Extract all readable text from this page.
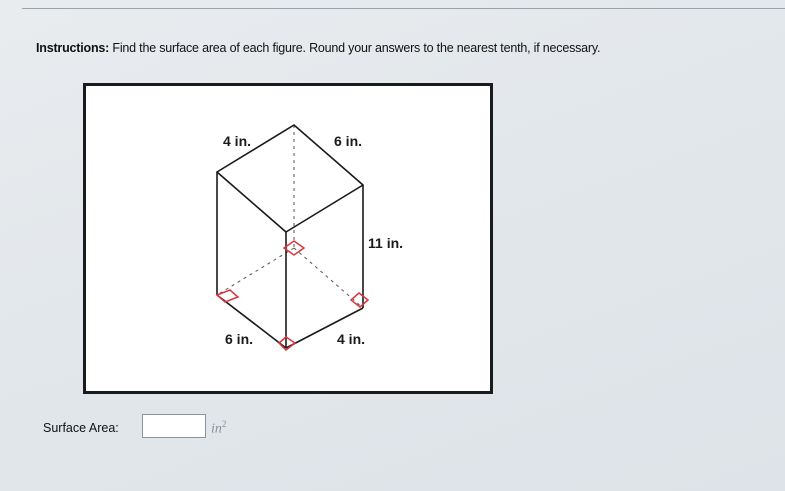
Instructions: Find the surface area of each figure. Round your answers to the nearest tenth, if necessary.
4 in.	6 in.
11 in.
6 in.	4 in.
Surface Area:	$in^2$
